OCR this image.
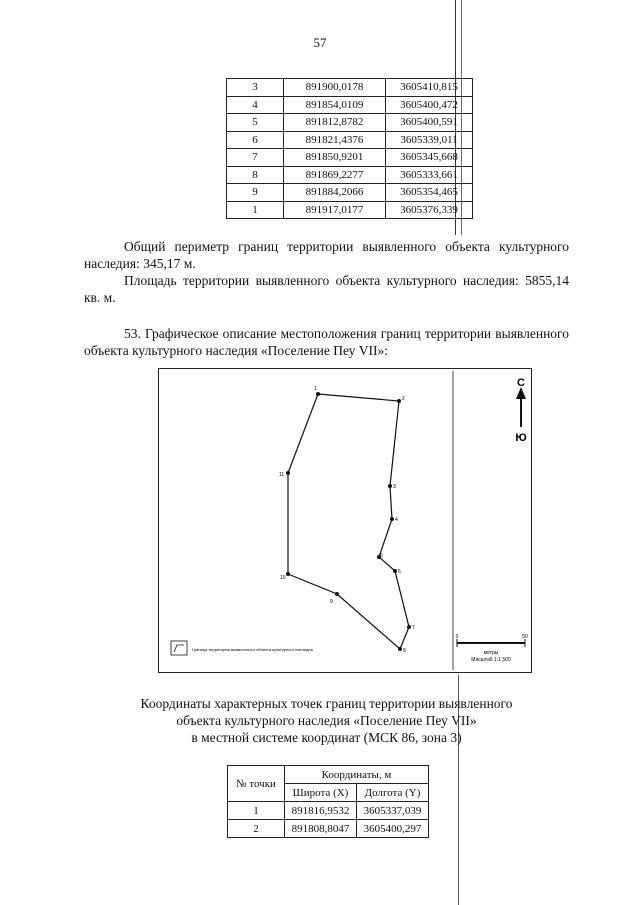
57
3	891900,0178	3605410,815
4	891854,0109	3605400,472
5	891812,8782	3605400,591
6	891821,4376	3605339,011
7	891850,9201	3605345,668
8	891869,2277	3605333,661
9	891884,2066	3605354,465
1	891917,0177	3605376,339
Общий периметр границ территории выявленного объекта культурного наследия: 345,17 м.
Площадь территории выявленного объекта культурного наследия: 5855,14 кв. м.
53. Графическое описание местоположения границ территории выявленного объекта культурного наследия «Поселение Пеу VII»:
1
2
3
4
5
6
7
8
9
10
11
С
Ю
0	50
метры
Масштаб 1:1 500
Граница территории выявленного объекта культурного наследия
Координаты характерных точек границ территории выявленного
объекта культурного наследия «Поселение Пеу VII»
в местной системе координат (МСК 86, зона 3)
№ точки	Координаты, м	
	Широта (X)	Долгота (Y)
1	891816,9532	3605337,039
2	891808,8047	3605400,297
